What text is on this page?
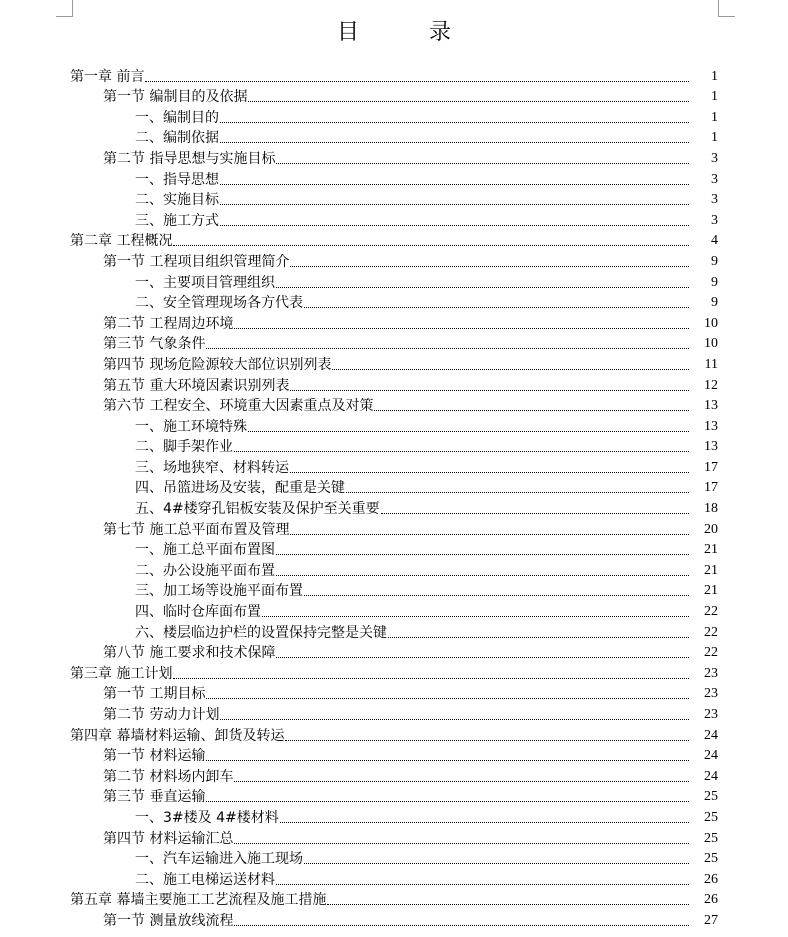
目　录
第一章 前言	1
第一节 编制目的及依据	1
一、编制目的	1
二、编制依据	1
第二节 指导思想与实施目标	3
一、指导思想	3
二、实施目标	3
三、施工方式	3
第二章 工程概况	4
第一节 工程项目组织管理简介	9
一、主要项目管理组织	9
二、安全管理现场各方代表	9
第二节 工程周边环境	10
第三节 气象条件	10
第四节 现场危险源较大部位识别列表	11
第五节 重大环境因素识别列表	12
第六节 工程安全、环境重大因素重点及对策	13
一、施工环境特殊	13
二、脚手架作业	13
三、场地狭窄、材料转运	17
四、吊篮进场及安装，配重是关键	17
五、4#楼穿孔铝板安装及保护至关重要	18
第七节 施工总平面布置及管理	20
一、施工总平面布置图	21
二、办公设施平面布置	21
三、加工场等设施平面布置	21
四、临时仓库面布置	22
六、楼层临边护栏的设置保持完整是关键	22
第八节 施工要求和技术保障	22
第三章 施工计划	23
第一节 工期目标	23
第二节 劳动力计划	23
第四章 幕墙材料运输、卸货及转运	24
第一节 材料运输	24
第二节 材料场内卸车	24
第三节 垂直运输	25
一、3#楼及 4#楼材料	25
第四节 材料运输汇总	25
一、汽车运输进入施工现场	25
二、施工电梯运送材料	26
第五章 幕墙主要施工工艺流程及施工措施	26
第一节 测量放线流程	27
